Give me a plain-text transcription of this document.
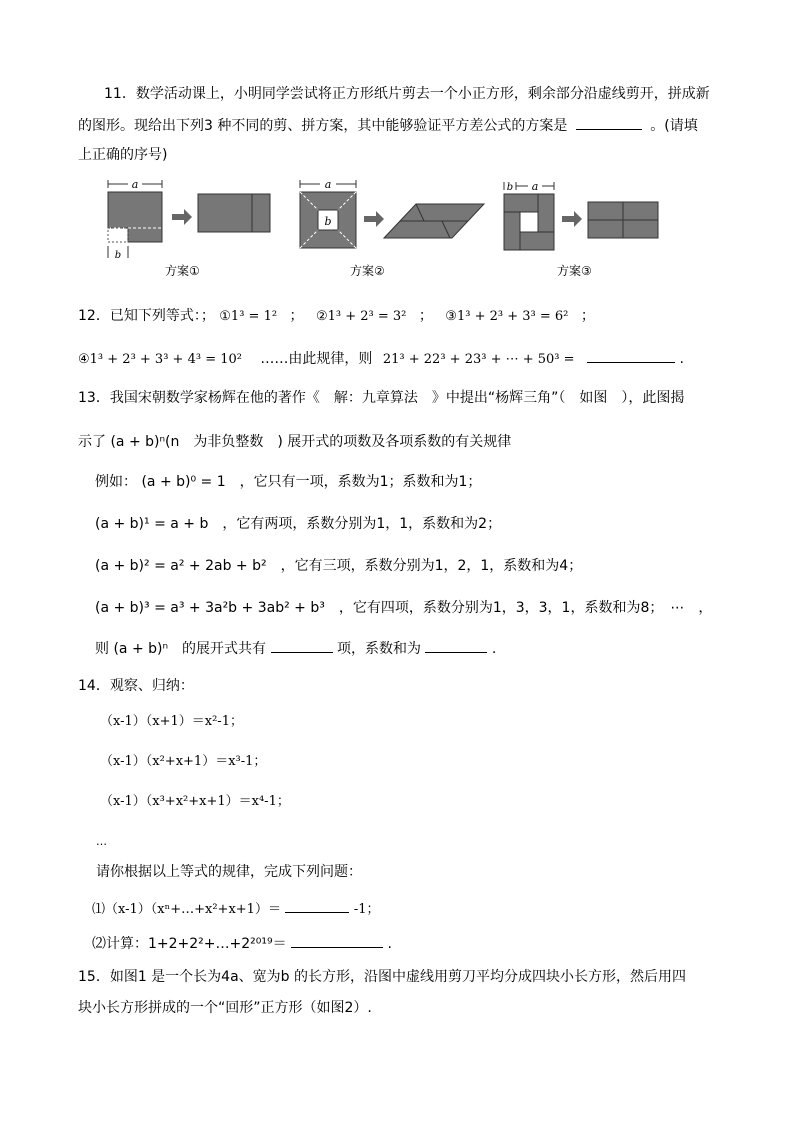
11．数学活动课上，小明同学尝试将正方形纸片剪去一个小正方形，剩余部分沿虚线剪开，拼成新
的图形。现给出下列3 种不同的剪、拼方案，其中能够验证平方差公式的方案是	。(请填
上正确的序号)
a
b
方案①
a
b
方案②
b a
方案③
12．已知下列等式：； ①1³ = 1² ； ②1³ + 2³ = 3² ； ③1³ + 2³ + 3³ = 6² ；
④1³ + 2³ + 3³ + 4³ = 10² ……由此规律，则 21³ + 22³ + 23³ + ⋯ + 50³ =	.
13．我国宋朝数学家杨辉在他的著作《　解：九章算法　》中提出“杨辉三角”（　如图　），此图揭
示了 (a + b)ⁿ(n　为非负整数　) 展开式的项数及各项系数的有关规律
例如： (a + b)⁰ = 1　，它只有一项，系数为1；系数和为1；
(a + b)¹ = a + b　，它有两项，系数分别为1，1，系数和为2；
(a + b)² = a² + 2ab + b²　，它有三项，系数分别为1，2，1，系数和为4；
(a + b)³ = a³ + 3a²b + 3ab² + b³　，它有四项，系数分别为1，3，3，1，系数和为8；　⋯　，
则 (a + b)ⁿ　的展开式共有	项，系数和为	.
14．观察、归纳：
（x-1）（x+1）＝x²-1；
（x-1）（x²+x+1）＝x³-1；
（x-1）（x³+x²+x+1）＝x⁴-1；
…
请你根据以上等式的规律，完成下列问题：
⑴（x-1）（xⁿ+…+x²+x+1）＝	-1；
⑵计算：1+2+2²+…+2²⁰¹⁹＝	.
15．如图1 是一个长为4a、宽为b 的长方形，沿图中虚线用剪刀平均分成四块小长方形，然后用四
块小长方形拼成的一个“回形”正方形（如图2）.
